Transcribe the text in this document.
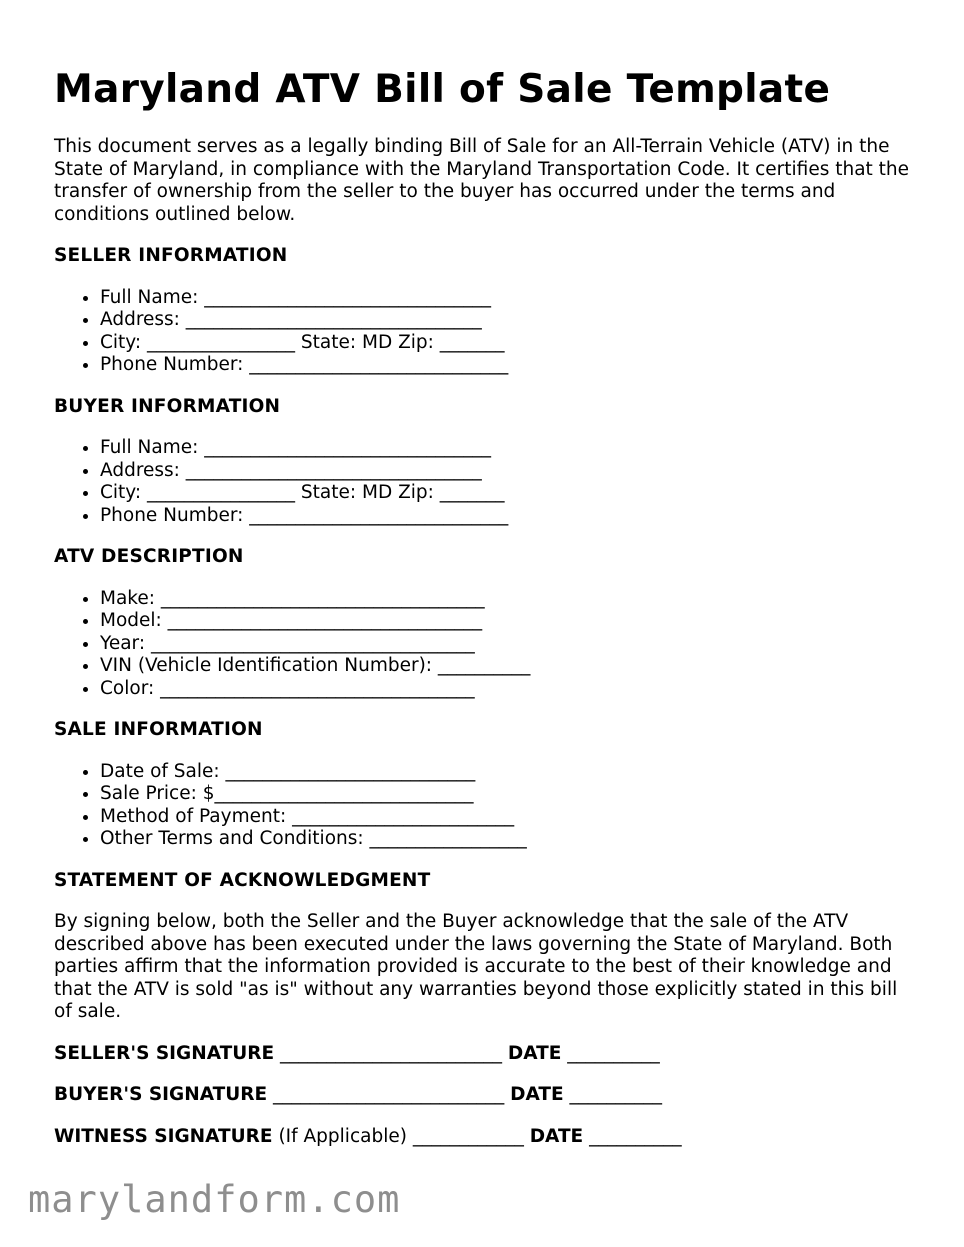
Maryland ATV Bill of Sale Template

This document serves as a legally binding Bill of Sale for an All-Terrain Vehicle (ATV) in the State of Maryland, in compliance with the Maryland Transportation Code. It certifies that the transfer of ownership from the seller to the buyer has occurred under the terms and conditions outlined below.

SELLER INFORMATION
• Full Name: _______________________________
• Address: ________________________________
• City: ________________ State: MD Zip: _______
• Phone Number: ____________________________
BUYER INFORMATION
• Full Name: _______________________________
• Address: ________________________________
• City: ________________ State: MD Zip: _______
• Phone Number: ____________________________
ATV DESCRIPTION
• Make: ___________________________________
• Model: __________________________________
• Year: ___________________________________
• VIN (Vehicle Identification Number): __________
• Color: __________________________________
SALE INFORMATION
• Date of Sale: ___________________________
• Sale Price: $____________________________
• Method of Payment: ________________________
• Other Terms and Conditions: _________________
STATEMENT OF ACKNOWLEDGMENT

By signing below, both the Seller and the Buyer acknowledge that the sale of the ATV described above has been executed under the laws governing the State of Maryland. Both parties affirm that the information provided is accurate to the best of their knowledge and that the ATV is sold "as is" without any warranties beyond those explicitly stated in this bill of sale.

SELLER'S SIGNATURE ________________________ DATE __________
BUYER'S SIGNATURE _________________________ DATE __________
WITNESS SIGNATURE (If Applicable) ____________ DATE __________
marylandform.com
